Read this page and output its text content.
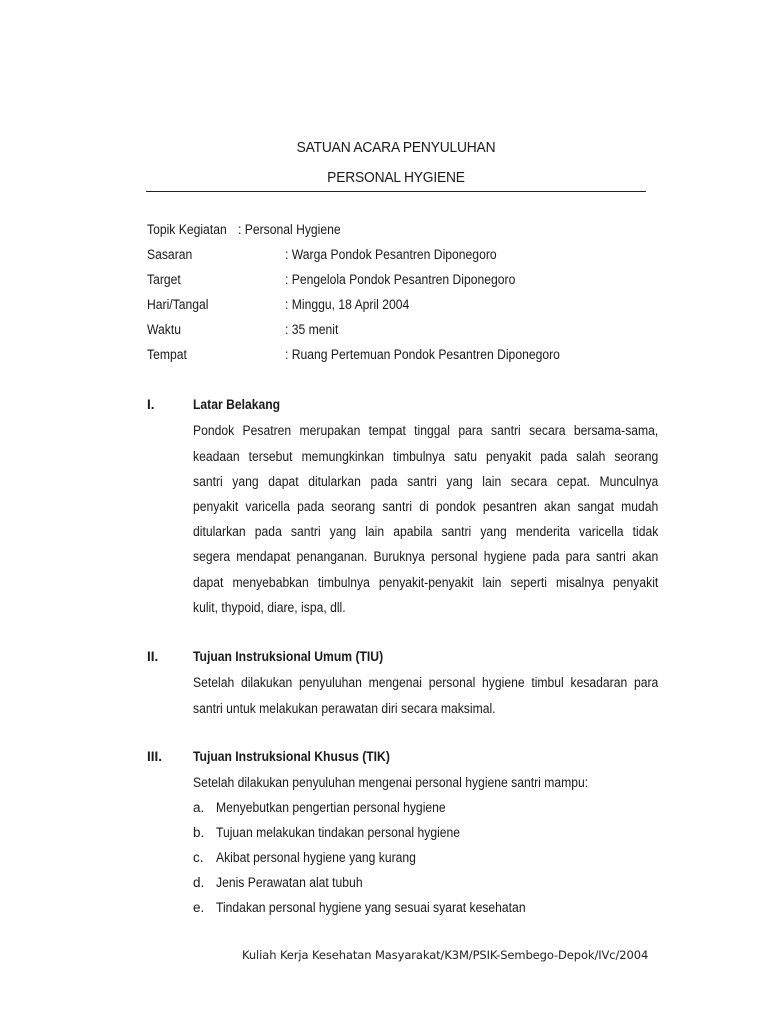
SATUAN ACARA PENYULUHAN
PERSONAL HYGIENE
Topik Kegiatan : Personal Hygiene
Sasaran	: Warga Pondok Pesantren Diponegoro
Target	: Pengelola Pondok Pesantren Diponegoro
Hari/Tangal	: Minggu, 18 April 2004
Waktu	: 35 menit
Tempat	: Ruang Pertemuan Pondok Pesantren Diponegoro
I.	Latar Belakang
Pondok Pesatren merupakan tempat tinggal para santri secara bersama-sama,
keadaan tersebut memungkinkan timbulnya satu penyakit pada salah seorang
santri yang dapat ditularkan pada santri yang lain secara cepat. Munculnya
penyakit varicella pada seorang santri di pondok pesantren akan sangat mudah
ditularkan pada santri yang lain apabila santri yang menderita varicella tidak
segera mendapat penanganan. Buruknya personal hygiene pada para santri akan
dapat menyebabkan timbulnya penyakit-penyakit lain seperti misalnya penyakit
kulit, thypoid, diare, ispa, dll.
II.	Tujuan Instruksional Umum (TIU)
Setelah dilakukan penyuluhan mengenai personal hygiene timbul kesadaran para
santri untuk melakukan perawatan diri secara maksimal.
III. Tujuan Instruksional Khusus (TIK)
Setelah dilakukan penyuluhan mengenai personal hygiene santri mampu:
a. Menyebutkan pengertian personal hygiene
b. Tujuan melakukan tindakan personal hygiene
c. Akibat personal hygiene yang kurang
d. Jenis Perawatan alat tubuh
e. Tindakan personal hygiene yang sesuai syarat kesehatan
Kuliah Kerja Kesehatan Masyarakat/K3M/PSIK-Sembego-Depok/IVc/2004
